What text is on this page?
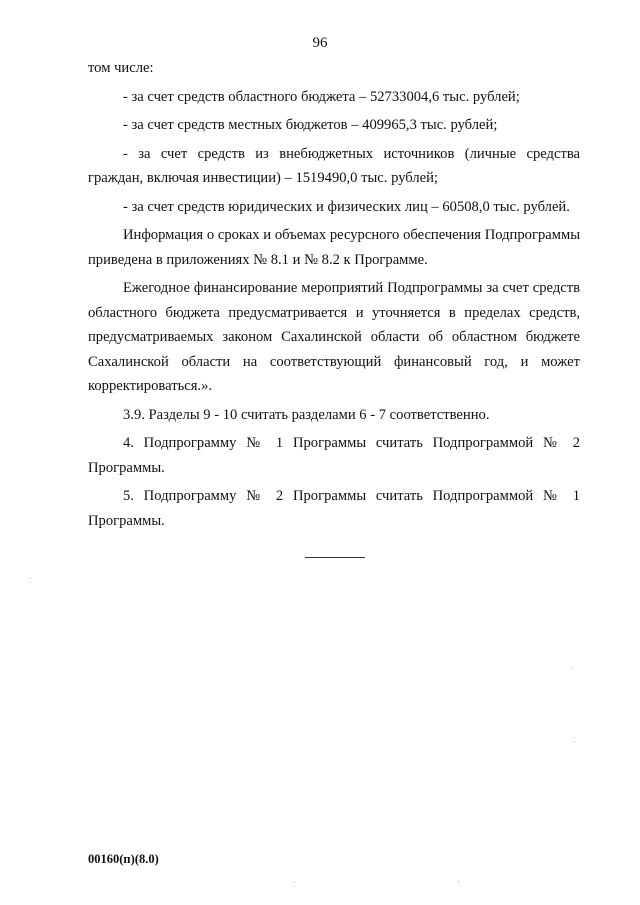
96

том числе:

- за счет средств областного бюджета – 52733004,6 тыс. рублей;

- за счет средств местных бюджетов – 409965,3 тыс. рублей;

- за счет средств из внебюджетных источников (личные средства граждан, включая инвестиции) – 1519490,0 тыс. рублей;

- за счет средств юридических и физических лиц – 60508,0 тыс. рублей.

Информация о сроках и объемах ресурсного обеспечения Подпрограммы приведена в приложениях № 8.1 и № 8.2 к Программе.

Ежегодное финансирование мероприятий Подпрограммы за счет средств областного бюджета предусматривается и уточняется в пределах средств, предусматриваемых законом Сахалинской области об областном бюджете Сахалинской области на соответствующий финансовый год, и может корректироваться.».

3.9. Разделы 9 - 10 считать разделами 6 - 7 соответственно.

4. Подпрограмму № 1 Программы считать Подпрограммой № 2 Программы.

5. Подпрограмму № 2 Программы считать Подпрограммой № 1 Программы.

00160(п)(8.0)
